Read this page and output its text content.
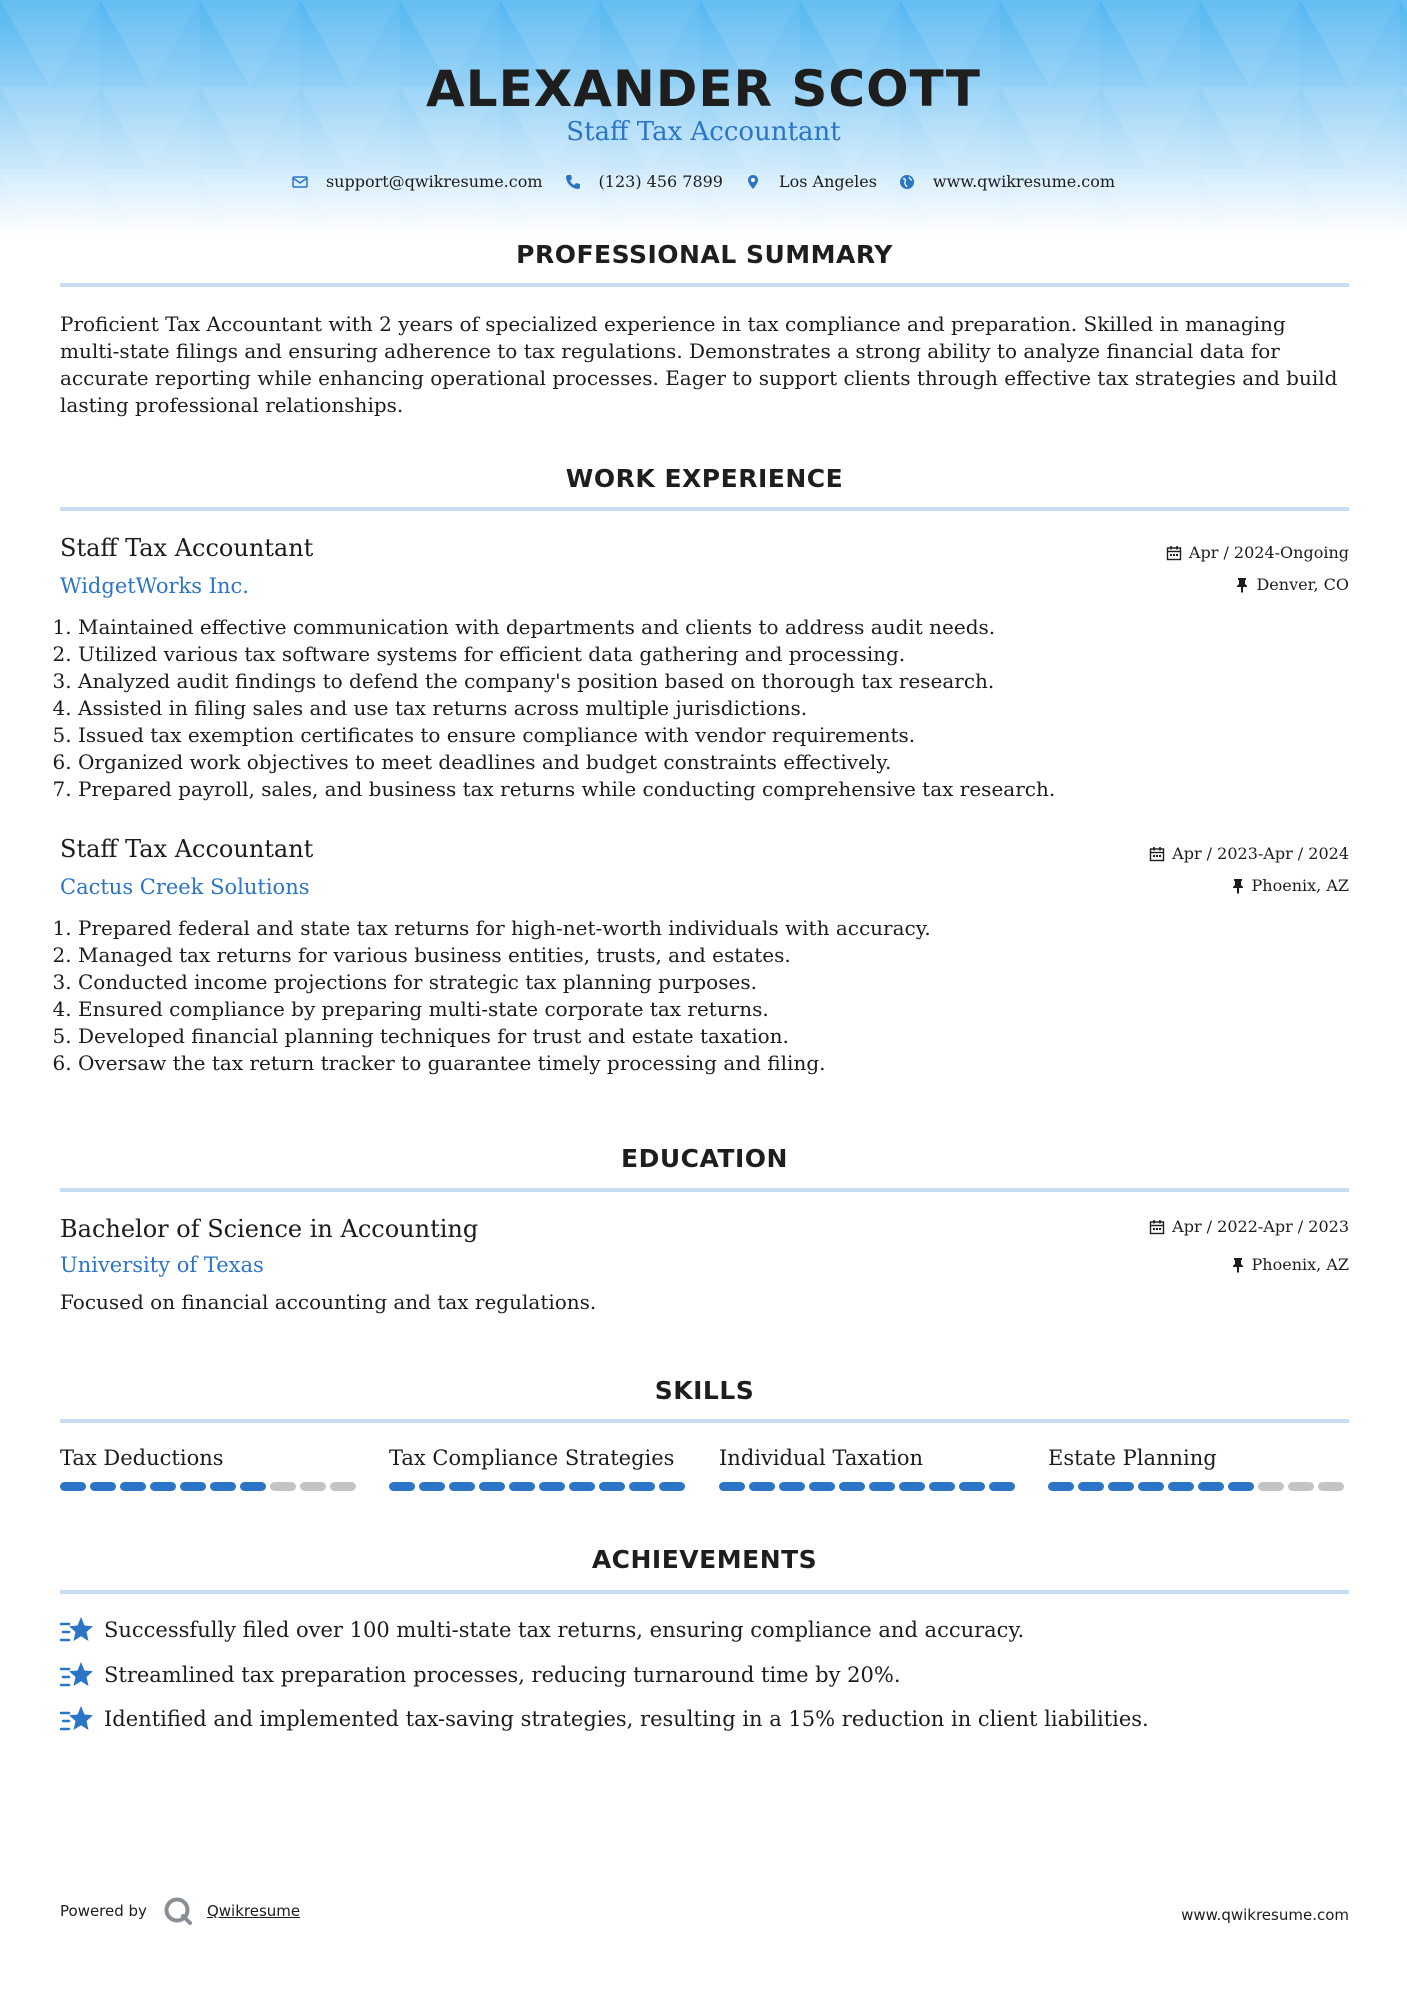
ALEXANDER SCOTT
Staff Tax Accountant
support@qwikresume.com	(123) 456 7899	Los Angeles	www.qwikresume.com
PROFESSIONAL SUMMARY
Proficient Tax Accountant with 2 years of specialized experience in tax compliance and preparation. Skilled in managing multi-state filings and ensuring adherence to tax regulations. Demonstrates a strong ability to analyze financial data for accurate reporting while enhancing operational processes. Eager to support clients through effective tax strategies and build lasting professional relationships.
WORK EXPERIENCE
Staff Tax Accountant
WidgetWorks Inc.
Apr / 2024-Ongoing
Denver, CO
1. Maintained effective communication with departments and clients to address audit needs.
2. Utilized various tax software systems for efficient data gathering and processing.
3. Analyzed audit findings to defend the company's position based on thorough tax research.
4. Assisted in filing sales and use tax returns across multiple jurisdictions.
5. Issued tax exemption certificates to ensure compliance with vendor requirements.
6. Organized work objectives to meet deadlines and budget constraints effectively.
7. Prepared payroll, sales, and business tax returns while conducting comprehensive tax research.
Staff Tax Accountant
Cactus Creek Solutions
Apr / 2023-Apr / 2024
Phoenix, AZ
1. Prepared federal and state tax returns for high-net-worth individuals with accuracy.
2. Managed tax returns for various business entities, trusts, and estates.
3. Conducted income projections for strategic tax planning purposes.
4. Ensured compliance by preparing multi-state corporate tax returns.
5. Developed financial planning techniques for trust and estate taxation.
6. Oversaw the tax return tracker to guarantee timely processing and filing.
EDUCATION
Bachelor of Science in Accounting
University of Texas
Apr / 2022-Apr / 2023
Phoenix, AZ
Focused on financial accounting and tax regulations.
SKILLS
Tax Deductions	Tax Compliance Strategies	Individual Taxation	Estate Planning
ACHIEVEMENTS
Successfully filed over 100 multi-state tax returns, ensuring compliance and accuracy.
Streamlined tax preparation processes, reducing turnaround time by 20%.
Identified and implemented tax-saving strategies, resulting in a 15% reduction in client liabilities.
Powered by	Qwikresume	www.qwikresume.com
